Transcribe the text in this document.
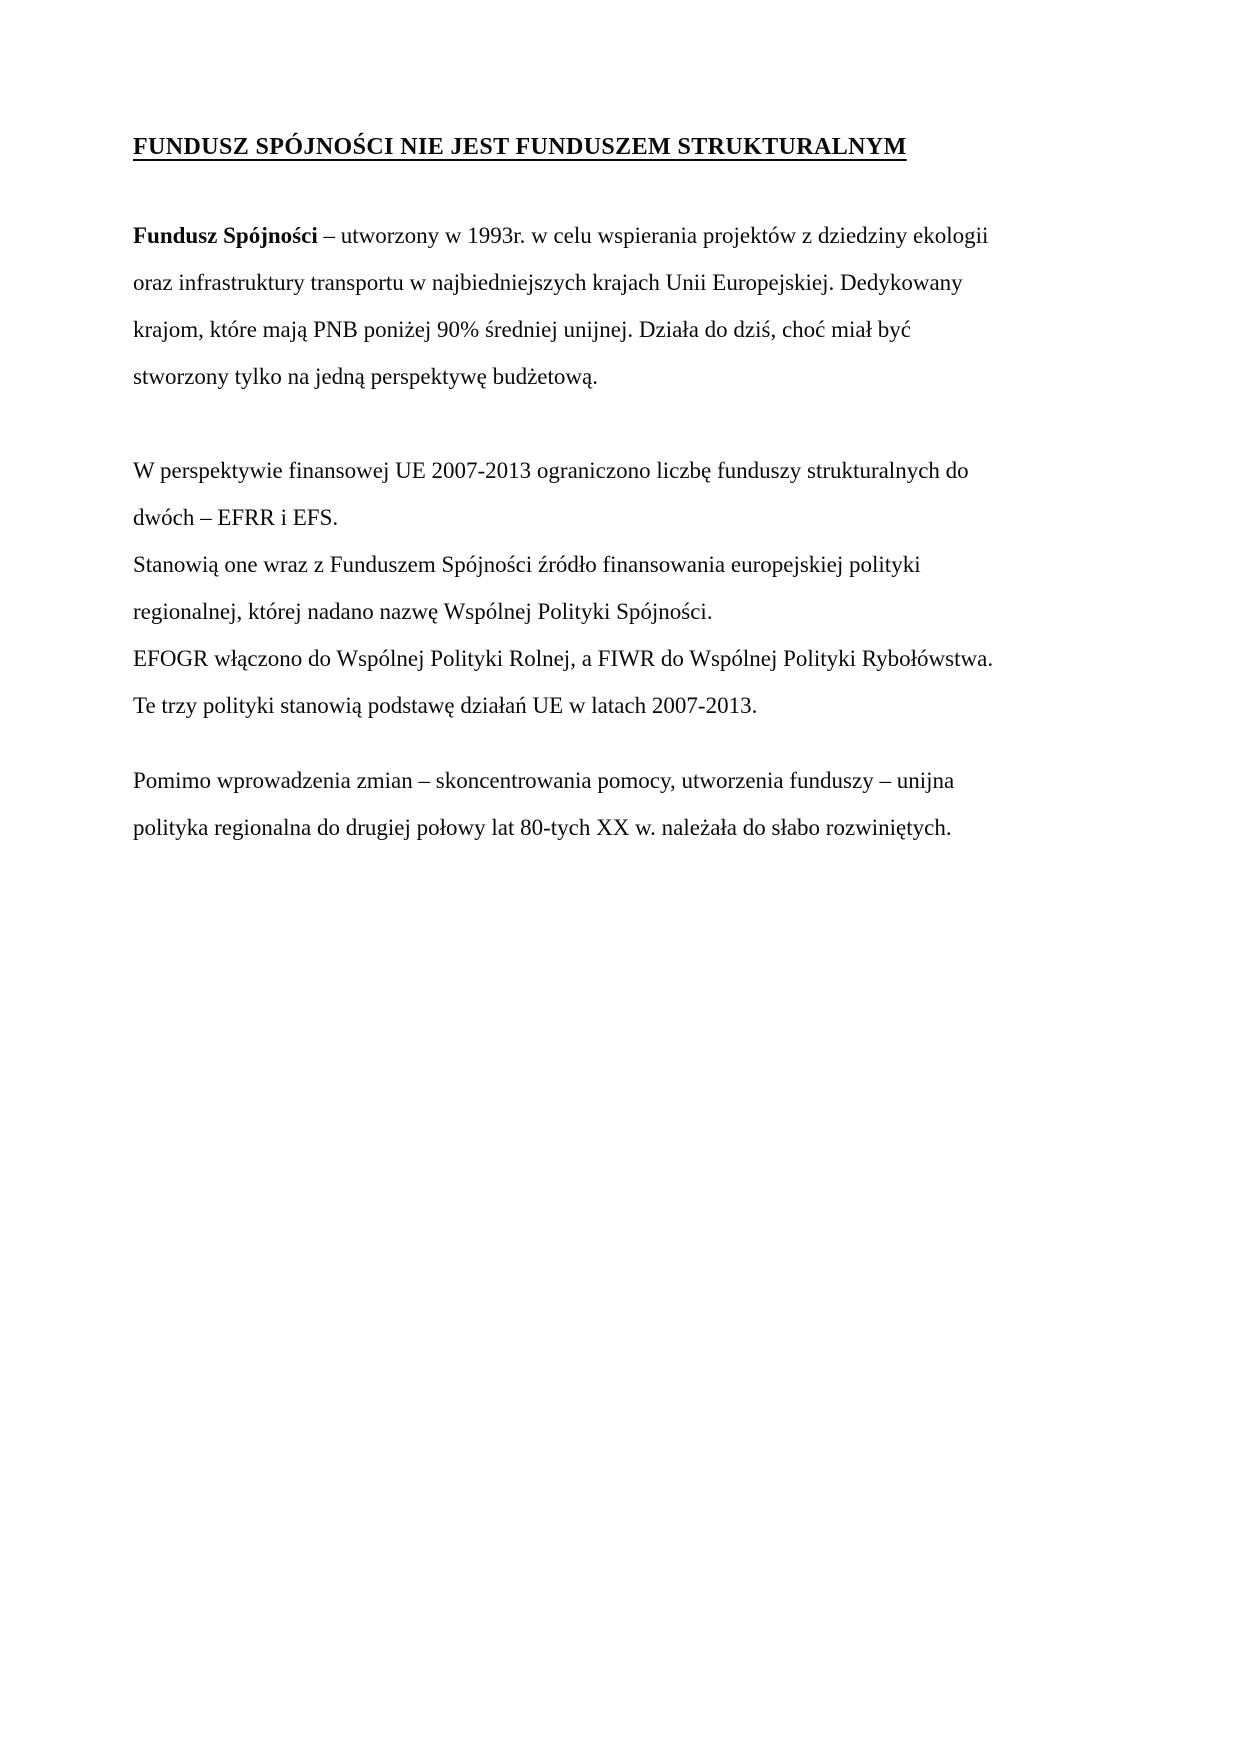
FUNDUSZ SPÓJNOŚCI NIE JEST FUNDUSZEM STRUKTURALNYM
Fundusz Spójności – utworzony w 1993r. w celu wspierania projektów z dziedziny ekologii
oraz infrastruktury transportu w najbiedniejszych krajach Unii Europejskiej. Dedykowany
krajom, które mają PNB poniżej 90% średniej unijnej. Działa do dziś, choć miał być
stworzony tylko na jedną perspektywę budżetową.
W perspektywie finansowej UE 2007-2013 ograniczono liczbę funduszy strukturalnych do
dwóch – EFRR i EFS.
Stanowią one wraz z Funduszem Spójności źródło finansowania europejskiej polityki
regionalnej, której nadano nazwę Wspólnej Polityki Spójności.
EFOGR włączono do Wspólnej Polityki Rolnej, a FIWR do Wspólnej Polityki Rybołówstwa.
Te trzy polityki stanowią podstawę działań UE w latach 2007-2013.
Pomimo wprowadzenia zmian – skoncentrowania pomocy, utworzenia funduszy – unijna
polityka regionalna do drugiej połowy lat 80-tych XX w. należała do słabo rozwiniętych.
